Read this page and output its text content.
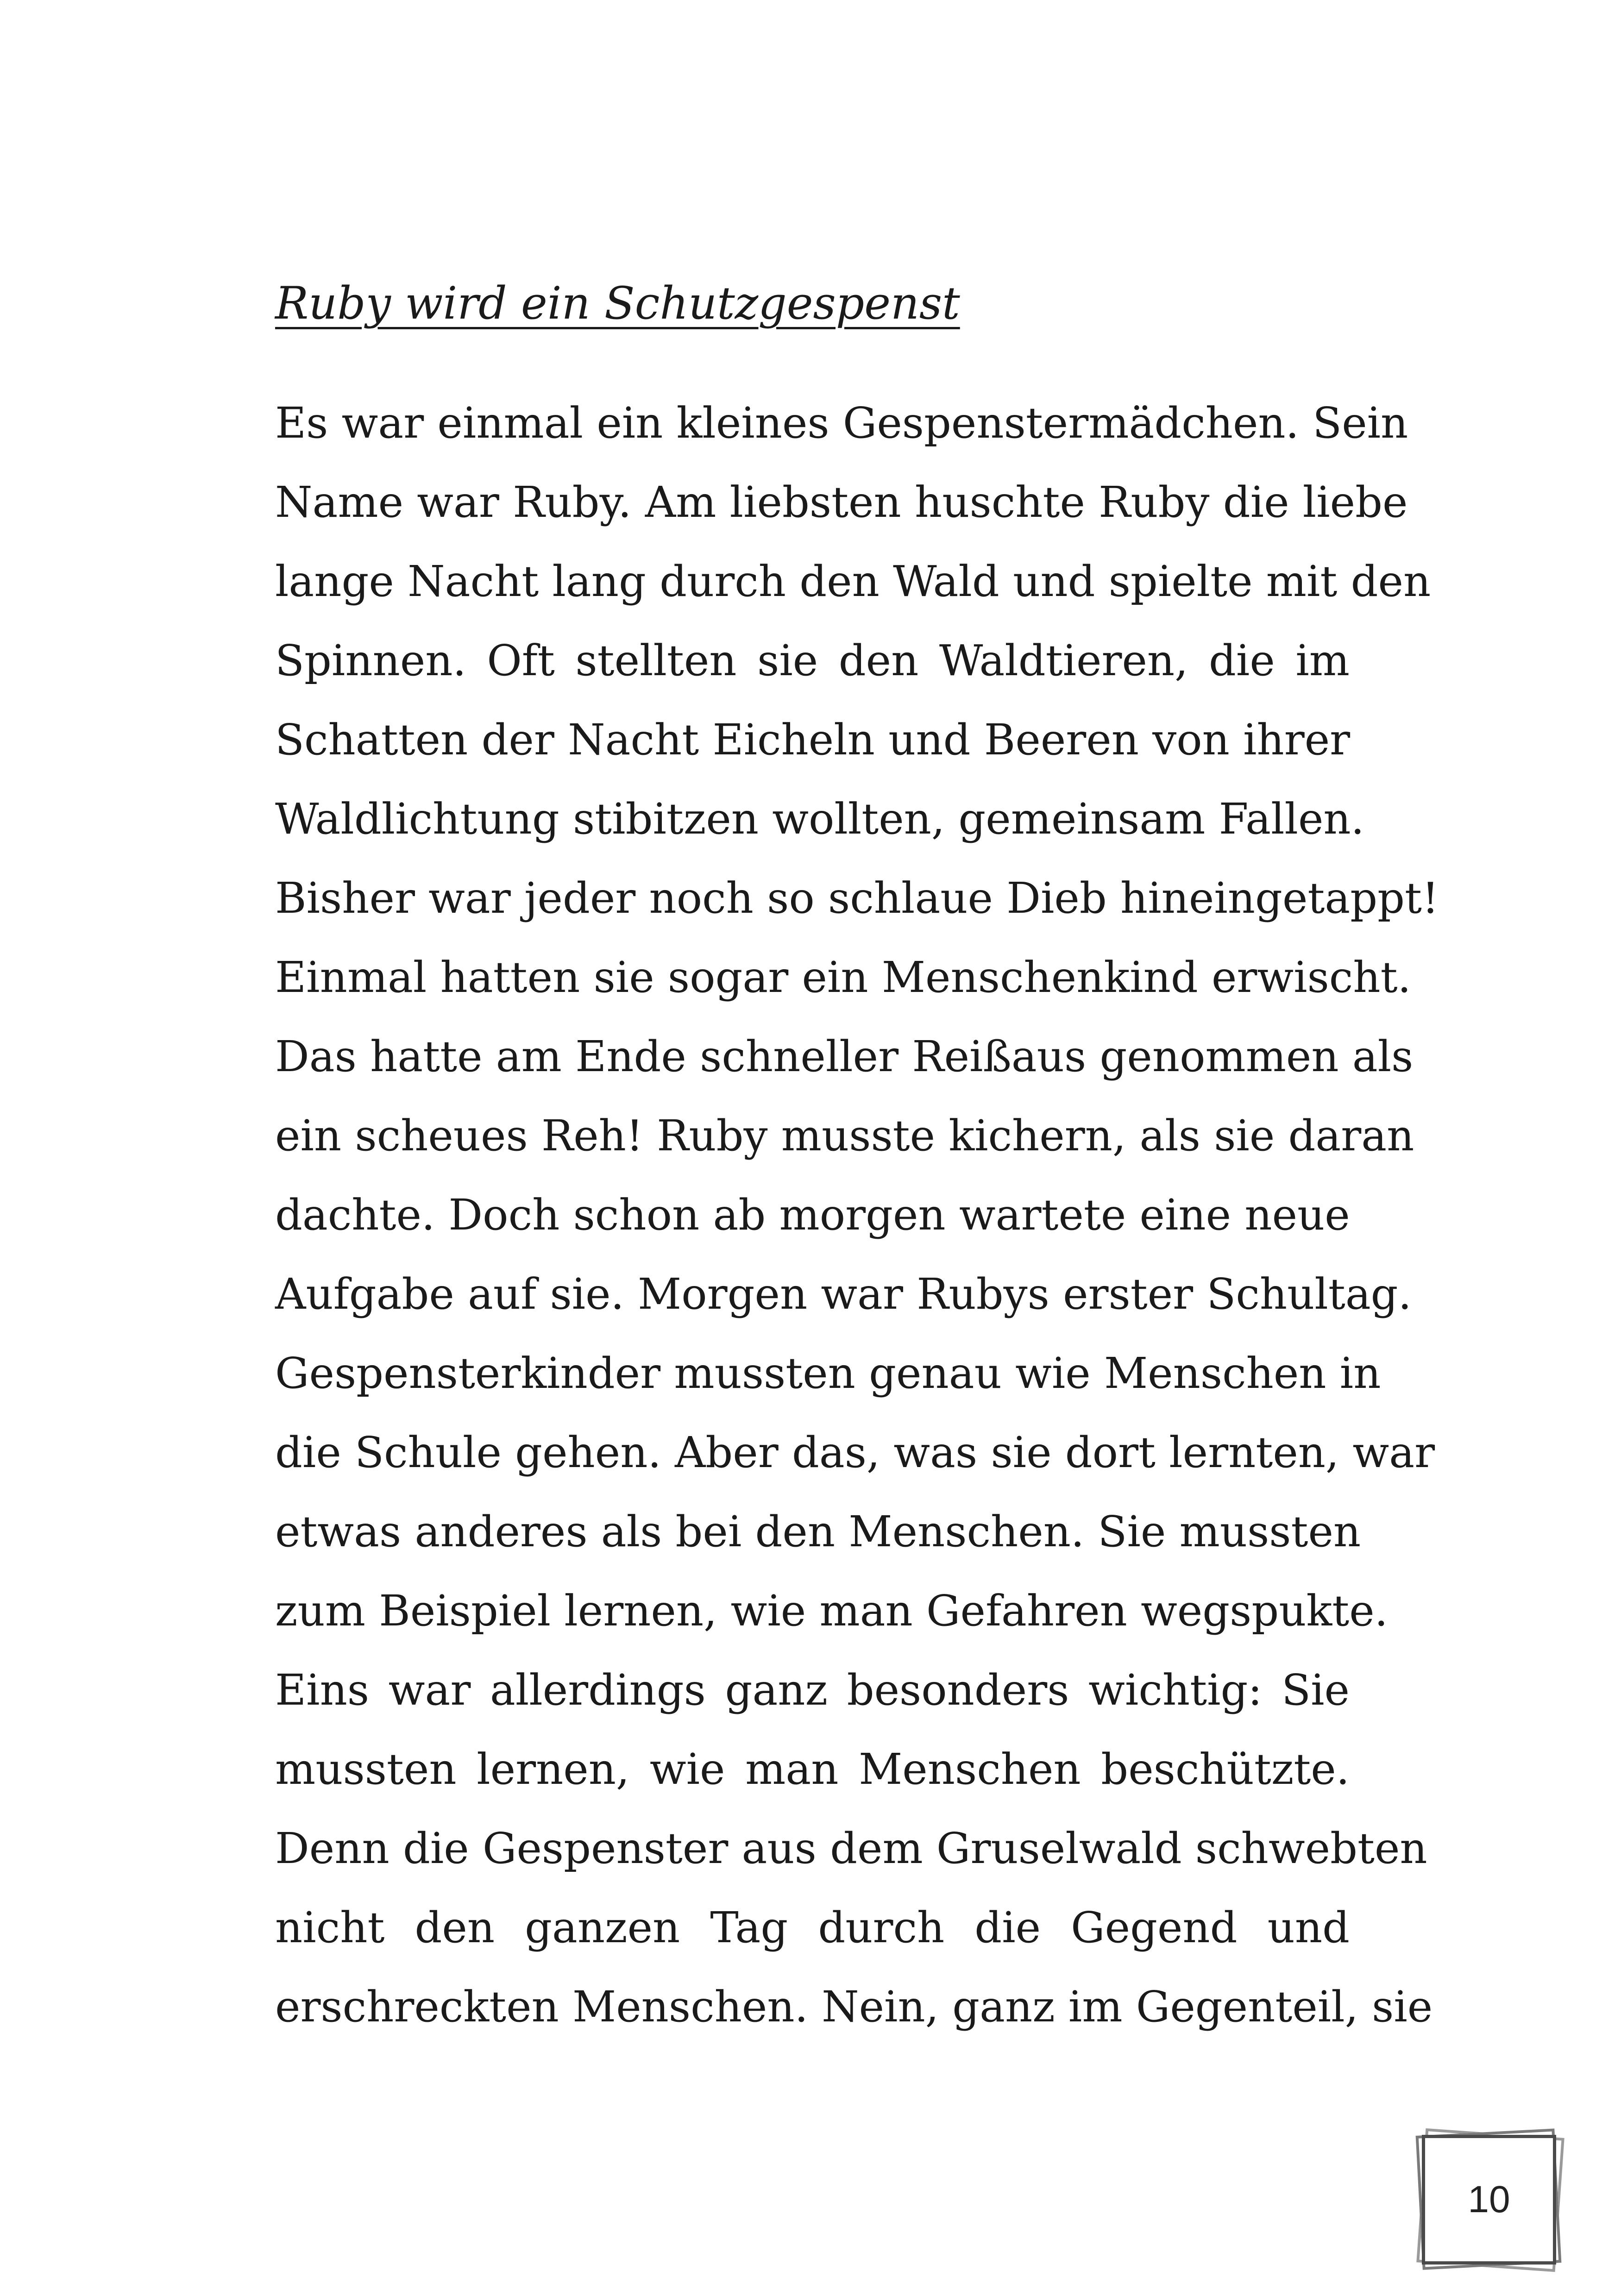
Ruby wird ein Schutzgespenst
Es war einmal ein kleines Gespenstermädchen. Sein
Name war Ruby. Am liebsten huschte Ruby die liebe
lange Nacht lang durch den Wald und spielte mit den
Spinnen. Oft stellten sie den Waldtieren, die im
Schatten der Nacht Eicheln und Beeren von ihrer
Waldlichtung stibitzen wollten, gemeinsam Fallen.
Bisher war jeder noch so schlaue Dieb hineingetappt!
Einmal hatten sie sogar ein Menschenkind erwischt.
Das hatte am Ende schneller Reißaus genommen als
ein scheues Reh! Ruby musste kichern, als sie daran
dachte. Doch schon ab morgen wartete eine neue
Aufgabe auf sie. Morgen war Rubys erster Schultag.
Gespensterkinder mussten genau wie Menschen in
die Schule gehen. Aber das, was sie dort lernten, war
etwas anderes als bei den Menschen. Sie mussten
zum Beispiel lernen, wie man Gefahren wegspukte.
Eins war allerdings ganz besonders wichtig: Sie
mussten lernen, wie man Menschen beschützte.
Denn die Gespenster aus dem Gruselwald schwebten
nicht den ganzen Tag durch die Gegend und
erschreckten Menschen. Nein, ganz im Gegenteil, sie
10
